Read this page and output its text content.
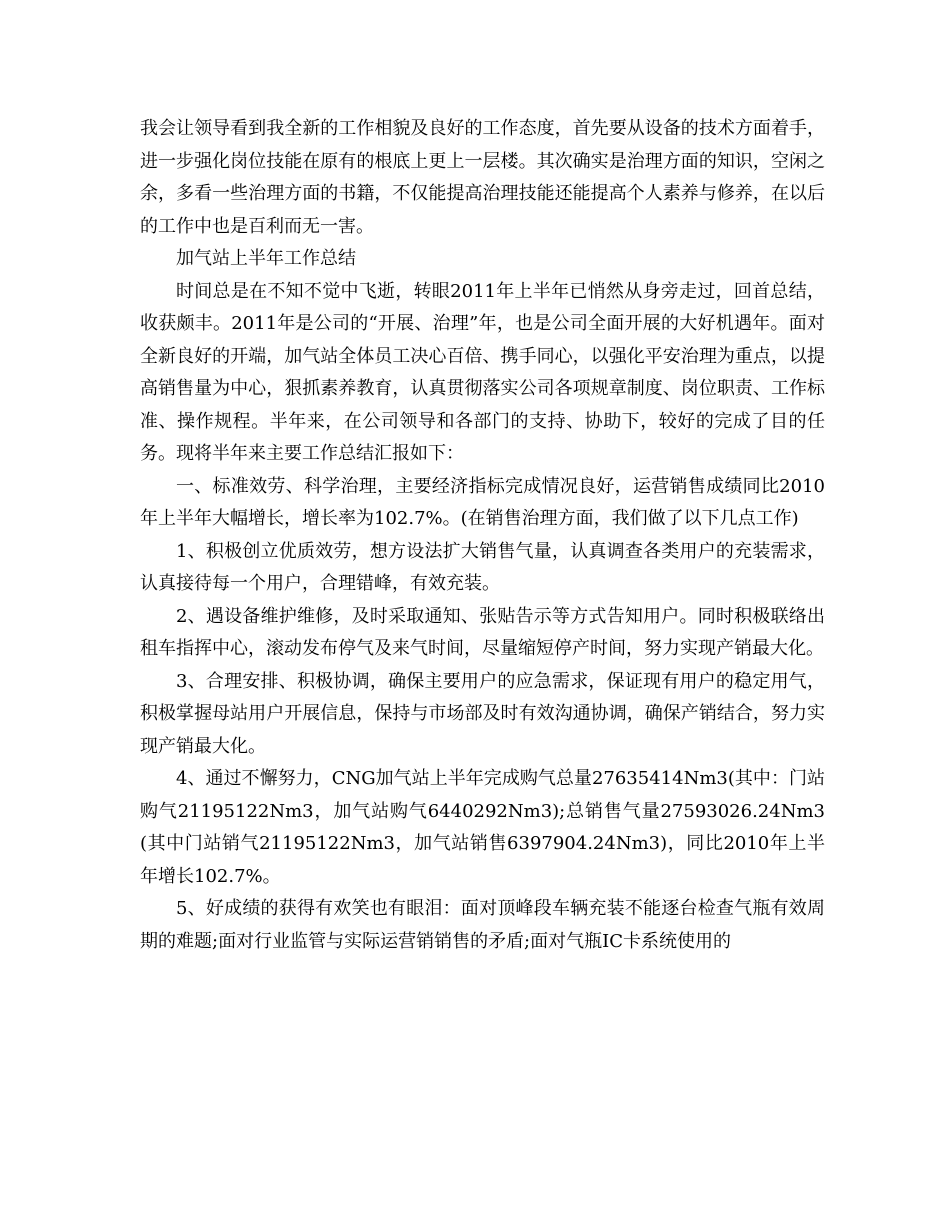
我会让领导看到我全新的工作相貌及良好的工作态度，首先要从设备的技术方面着手，进一步强化岗位技能在原有的根底上更上一层楼。其次确实是治理方面的知识，空闲之余，多看一些治理方面的书籍，不仅能提高治理技能还能提高个人素养与修养，在以后的工作中也是百利而无一害。

加气站上半年工作总结

时间总是在不知不觉中飞逝，转眼2011年上半年已悄然从身旁走过，回首总结，收获颇丰。2011年是公司的“开展、治理”年，也是公司全面开展的大好机遇年。面对全新良好的开端，加气站全体员工决心百倍、携手同心，以强化平安治理为重点，以提高销售量为中心，狠抓素养教育，认真贯彻落实公司各项规章制度、岗位职责、工作标准、操作规程。半年来，在公司领导和各部门的支持、协助下，较好的完成了目的任务。现将半年来主要工作总结汇报如下：

一、标准效劳、科学治理，主要经济指标完成情况良好，运营销售成绩同比2010年上半年大幅增长，增长率为102.7%。(在销售治理方面，我们做了以下几点工作)

1、积极创立优质效劳，想方设法扩大销售气量，认真调查各类用户的充装需求，认真接待每一个用户，合理错峰，有效充装。

2、遇设备维护维修，及时采取通知、张贴告示等方式告知用户。同时积极联络出租车指挥中心，滚动发布停气及来气时间，尽量缩短停产时间，努力实现产销最大化。

3、合理安排、积极协调，确保主要用户的应急需求，保证现有用户的稳定用气，积极掌握母站用户开展信息，保持与市场部及时有效沟通协调，确保产销结合，努力实现产销最大化。

4、通过不懈努力，CNG加气站上半年完成购气总量27635414Nm3(其中：门站购气21195122Nm3，加气站购气6440292Nm3);总销售气量27593026.24Nm3(其中门站销气21195122Nm3，加气站销售6397904.24Nm3)，同比2010年上半年增长102.7%。

5、好成绩的获得有欢笑也有眼泪：面对顶峰段车辆充装不能逐台检查气瓶有效周期的难题;面对行业监管与实际运营销销售的矛盾;面对气瓶IC卡系统使用的
